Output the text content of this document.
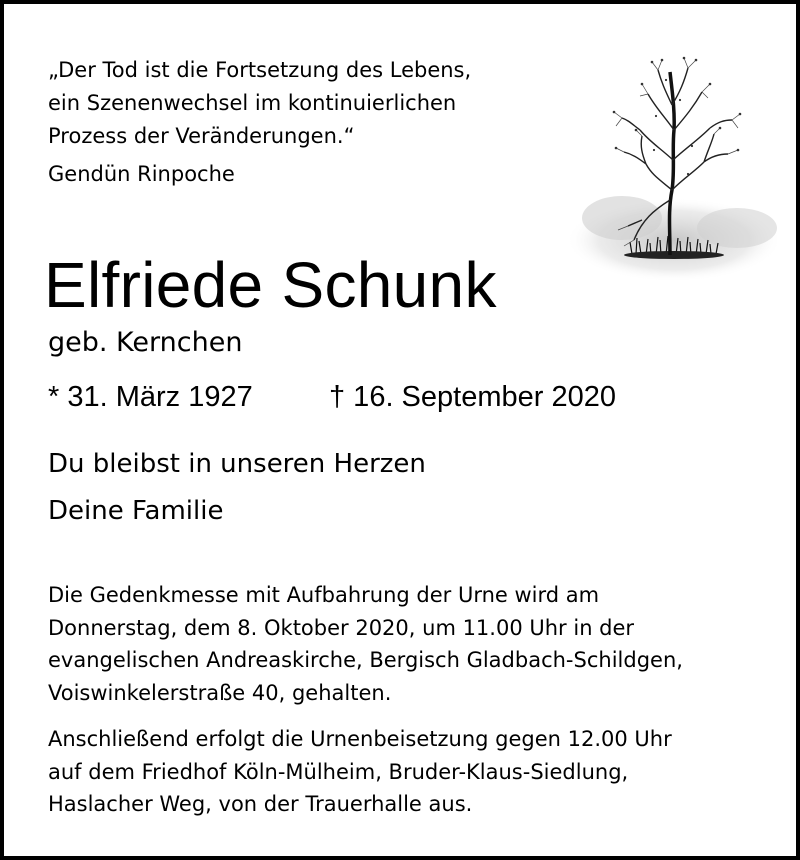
„Der Tod ist die Fortsetzung des Lebens,
ein Szenenwechsel im kontinuierlichen
Prozess der Veränderungen.“
Gendün Rinpoche
Elfriede Schunk
geb. Kernchen
* 31. März 1927	† 16. September 2020
Du bleibst in unseren Herzen
Deine Familie
Die Gedenkmesse mit Aufbahrung der Urne wird am
Donnerstag, dem 8. Oktober 2020, um 11.00 Uhr in der
evangelischen Andreaskirche, Bergisch Gladbach-Schildgen,
Voiswinkelerstraße 40, gehalten.
Anschließend erfolgt die Urnenbeisetzung gegen 12.00 Uhr
auf dem Friedhof Köln-Mülheim, Bruder-Klaus-Siedlung,
Haslacher Weg, von der Trauerhalle aus.
